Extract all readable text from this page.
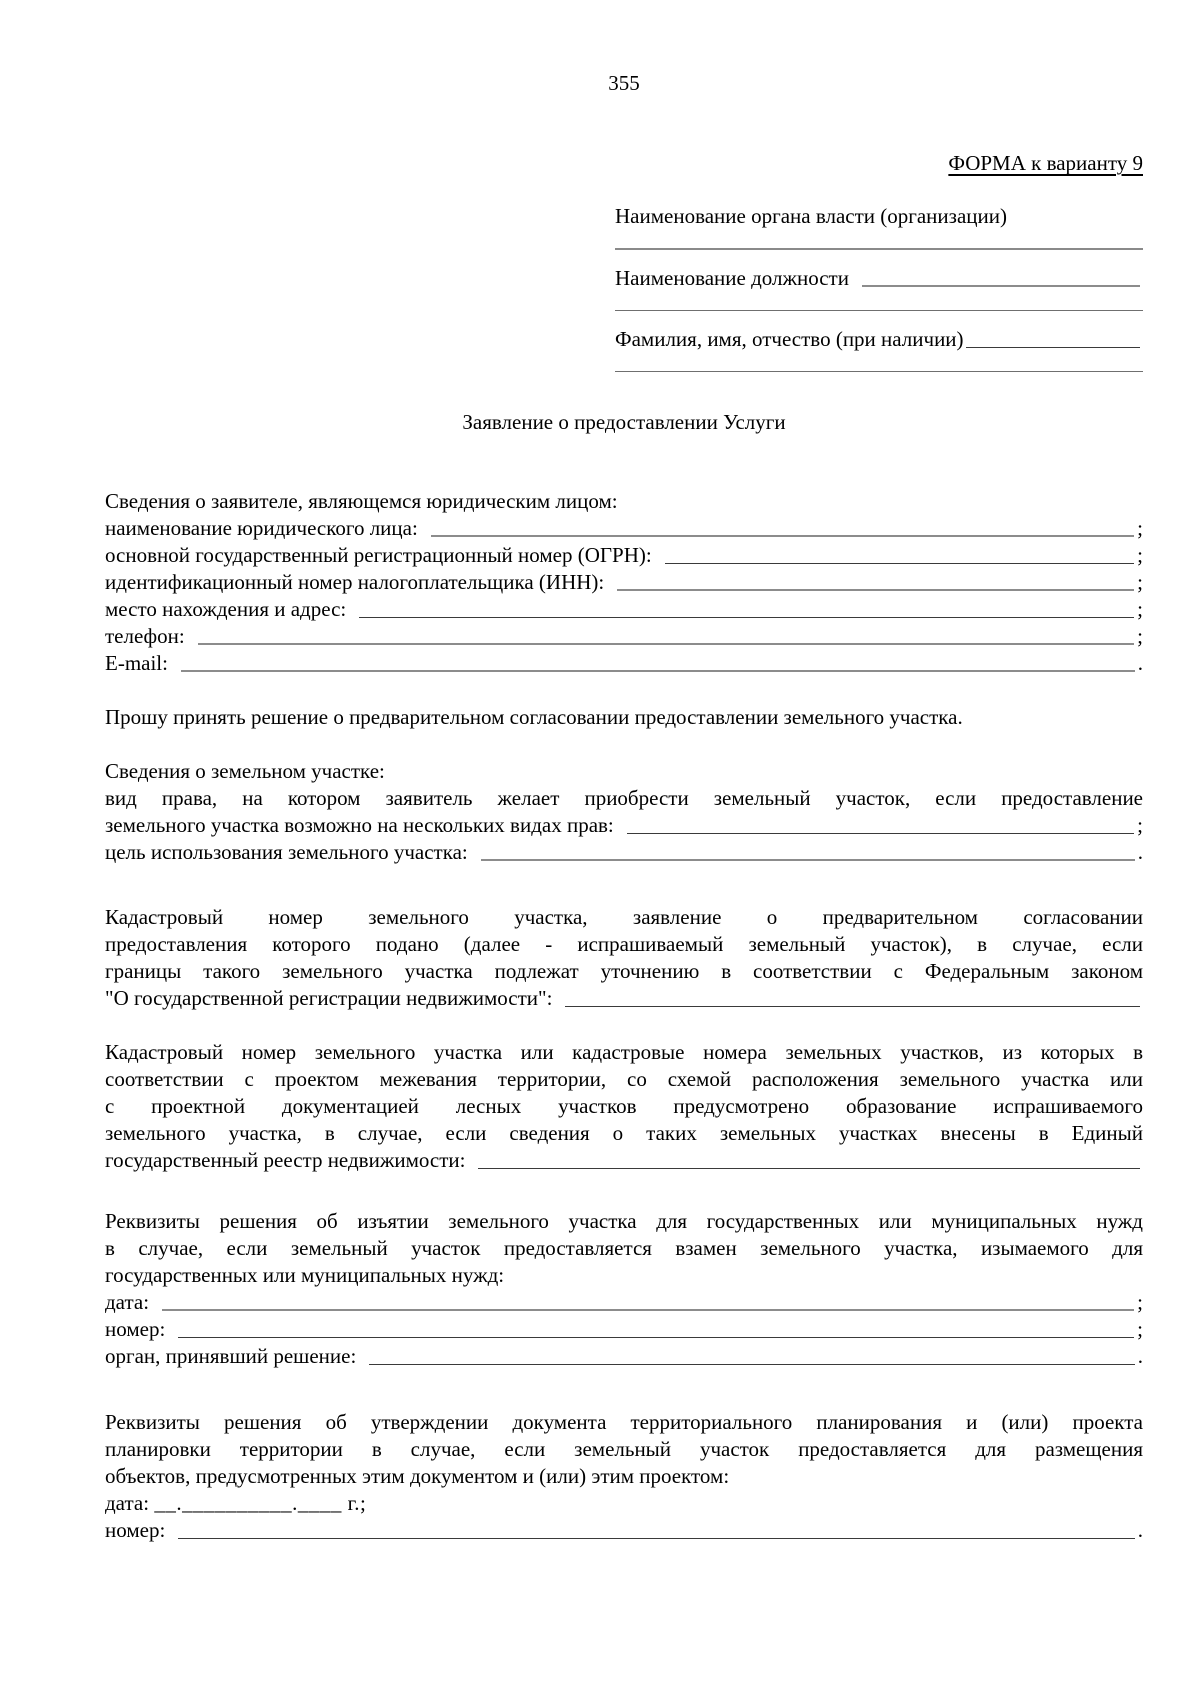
355
ФОРМА к варианту 9
Наименование органа власти (организации)
Наименование должности
Фамилия, имя, отчество (при наличии)
Заявление о предоставлении Услуги
Сведения о заявителе, являющемся юридическим лицом:
наименование юридического лица:	;
основной государственный регистрационный номер (ОГРН):	;
идентификационный номер налогоплательщика (ИНН):	;
место нахождения и адрес:	;
телефон:	;
E-mail:	.
Прошу принять решение о предварительном согласовании предоставлении земельного участка.
Сведения о земельном участке:
вид права, на котором заявитель желает приобрести земельный участок, если предоставление
земельного участка возможно на нескольких видах прав:	;
цель использования земельного участка:	.
Кадастровый номер земельного участка, заявление о предварительном согласовании
предоставления которого подано (далее - испрашиваемый земельный участок), в случае, если
границы такого земельного участка подлежат уточнению в соответствии с Федеральным законом
"О государственной регистрации недвижимости":
Кадастровый номер земельного участка или кадастровые номера земельных участков, из которых в
соответствии с проектом межевания территории, со схемой расположения земельного участка или
с проектной документацией лесных участков предусмотрено образование испрашиваемого
земельного участка, в случае, если сведения о таких земельных участках внесены в Единый
государственный реестр недвижимости:
Реквизиты решения об изъятии земельного участка для государственных или муниципальных нужд
в случае, если земельный участок предоставляется взамен земельного участка, изымаемого для
государственных или муниципальных нужд:
дата:	;
номер:	;
орган, принявший решение:	.
Реквизиты решения об утверждении документа территориального планирования и (или) проекта
планировки территории в случае, если земельный участок предоставляется для размещения
объектов, предусмотренных этим документом и (или) этим проектом:
дата: __.__________.____ г.;
номер:	.
